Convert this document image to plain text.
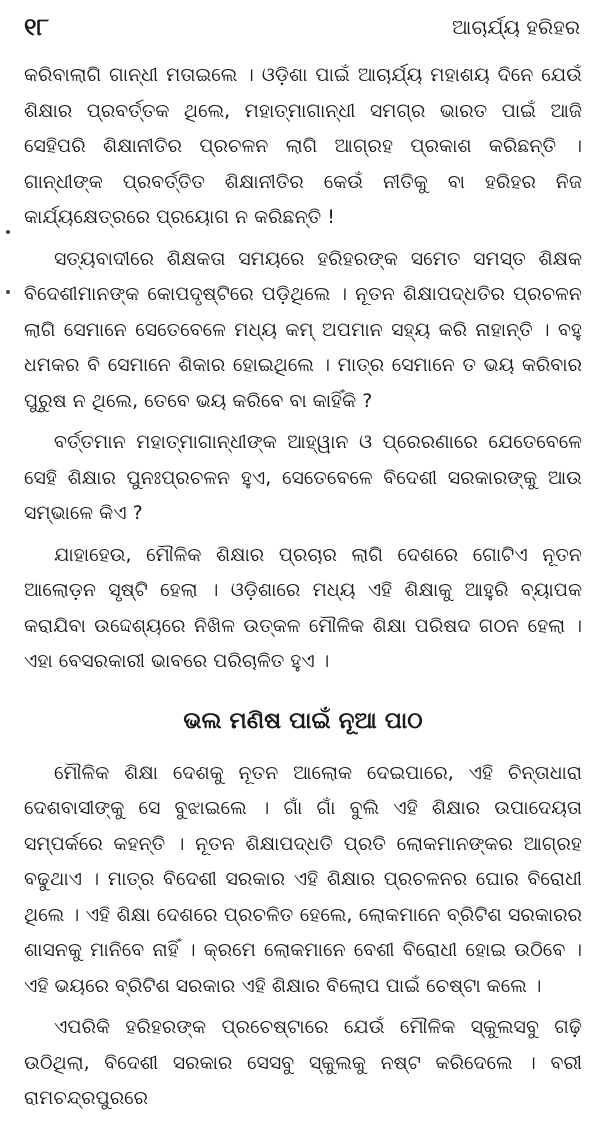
୧୮	ଆଚାର୍ଯ୍ୟ ହରିହର

କରିବାଲାଗି ଗାନ୍ଧୀ ମତାଇଲେ । ଓଡ଼ିଶା ପାଇଁ ଆଚାର୍ଯ୍ୟ ମହାଶୟ ଦିନେ ଯେଉଁ ଶିକ୍ଷାର ପ୍ରବର୍ତ୍ତକ ଥିଲେ, ମହାତ୍ମାଗାନ୍ଧୀ ସମଗ୍ର ଭାରତ ପାଇଁ ଆଜି ସେହିପରି ଶିକ୍ଷାନୀତିର ପ୍ରଚଳନ ଲାଗି ଆଗ୍ରହ ପ୍ରକାଶ କରିଛନ୍ତି । ଗାନ୍ଧୀଙ୍କ ପ୍ରବର୍ତ୍ତିତ ଶିକ୍ଷାନୀତିର କେଉଁ ନୀତିକୁ ବା ହରିହର ନିଜ କାର୍ଯ୍ୟକ୍ଷେତ୍ରରେ ପ୍ରୟୋଗ ନ କରିଛନ୍ତି !

ସତ୍ୟବାଦୀରେ ଶିକ୍ଷକତା ସମୟରେ ହରିହରଙ୍କ ସମେତ ସମସ୍ତ ଶିକ୍ଷକ ବିଦେଶୀମାନଙ୍କ କୋପଦୃଷ୍ଟିରେ ପଡ଼ିଥିଲେ । ନୂତନ ଶିକ୍ଷାପଦ୍ଧତିର ପ୍ରଚଳନ ଲାଗି ସେମାନେ ସେତେବେଳେ ମଧ୍ୟ କମ୍ ଅପମାନ ସହ୍ୟ କରି ନାହାନ୍ତି । ବହୁ ଧମକର ବି ସେମାନେ ଶିକାର ହୋଇଥିଲେ । ମାତ୍ର ସେମାନେ ତ ଭୟ କରିବାର ପୁରୁଷ ନ ଥିଲେ, ତେବେ ଭୟ କରିବେ ବା କାହିଁକି ?

ବର୍ତ୍ତମାନ ମହାତ୍ମାଗାନ୍ଧୀଙ୍କ ଆହ୍ୱାନ ଓ ପ୍ରେରଣାରେ ଯେତେବେଳେ ସେହି ଶିକ୍ଷାର ପୁନଃପ୍ରଚଳନ ହୁଏ, ସେତେବେଳେ ବିଦେଶୀ ସରକାରଙ୍କୁ ଆଉ ସମ୍ଭାଳେ କିଏ ?

ଯାହାହେଉ, ମୌଳିକ ଶିକ୍ଷାର ପ୍ରଚାର ଲାଗି ଦେଶରେ ଗୋଟିଏ ନୂତନ ଆଲୋଡ଼ନ ସୃଷ୍ଟି ହେଲା । ଓଡ଼ିଶାରେ ମଧ୍ୟ ଏହି ଶିକ୍ଷାକୁ ଆହୁରି ବ୍ୟାପକ କରାଯିବା ଉଦ୍ଦେଶ୍ୟରେ ନିଖିଳ ଉତ୍କଳ ମୌଳିକ ଶିକ୍ଷା ପରିଷଦ ଗଠନ ହେଲା । ଏହା ବେସରକାରୀ ଭାବରେ ପରିଚାଳିତ ହୁଏ ।

ଭଲ ମଣିଷ ପାଇଁ ନୂଆ ପାଠ

ମୌଳିକ ଶିକ୍ଷା ଦେଶକୁ ନୂତନ ଆଲୋକ ଦେଇପାରେ, ଏହି ଚିନ୍ତାଧାରା ଦେଶବାସୀଙ୍କୁ ସେ ବୁଝାଇଲେ । ଗାଁ ଗାଁ ବୁଲି ଏହି ଶିକ୍ଷାର ଉପାଦେୟତା ସମ୍ପର୍କରେ କହନ୍ତି । ନୂତନ ଶିକ୍ଷାପଦ୍ଧତି ପ୍ରତି ଲୋକମାନଙ୍କର ଆଗ୍ରହ ବଢୁଥାଏ । ମାତ୍ର ବିଦେଶୀ ସରକାର ଏହି ଶିକ୍ଷାର ପ୍ରଚଳନର ଘୋର ବିରୋଧୀ ଥିଲେ । ଏହି ଶିକ୍ଷା ଦେଶରେ ପ୍ରଚଳିତ ହେଲେ, ଲୋକମାନେ ବ୍ରିଟିଶ ସରକାରର ଶାସନକୁ ମାନିବେ ନାହିଁ । କ୍ରମେ ଲୋକମାନେ ବେଶୀ ବିରୋଧୀ ହୋଇ ଉଠିବେ । ଏହି ଭୟରେ ବ୍ରିଟିଶ ସରକାର ଏହି ଶିକ୍ଷାର ବିଲୋପ ପାଇଁ ଚେଷ୍ଟା କଲେ ।

ଏପରିକି ହରିହରଙ୍କ ପ୍ରଚେଷ୍ଟାରେ ଯେଉଁ ମୌଳିକ ସ୍କୁଲସବୁ ଗଢ଼ି ଉଠିଥିଲା, ବିଦେଶୀ ସରକାର ସେସବୁ ସ୍କୁଲକୁ ନଷ୍ଟ କରିଦେଲେ । ବରୀ ରାମଚନ୍ଦ୍ରପୁରରେ
